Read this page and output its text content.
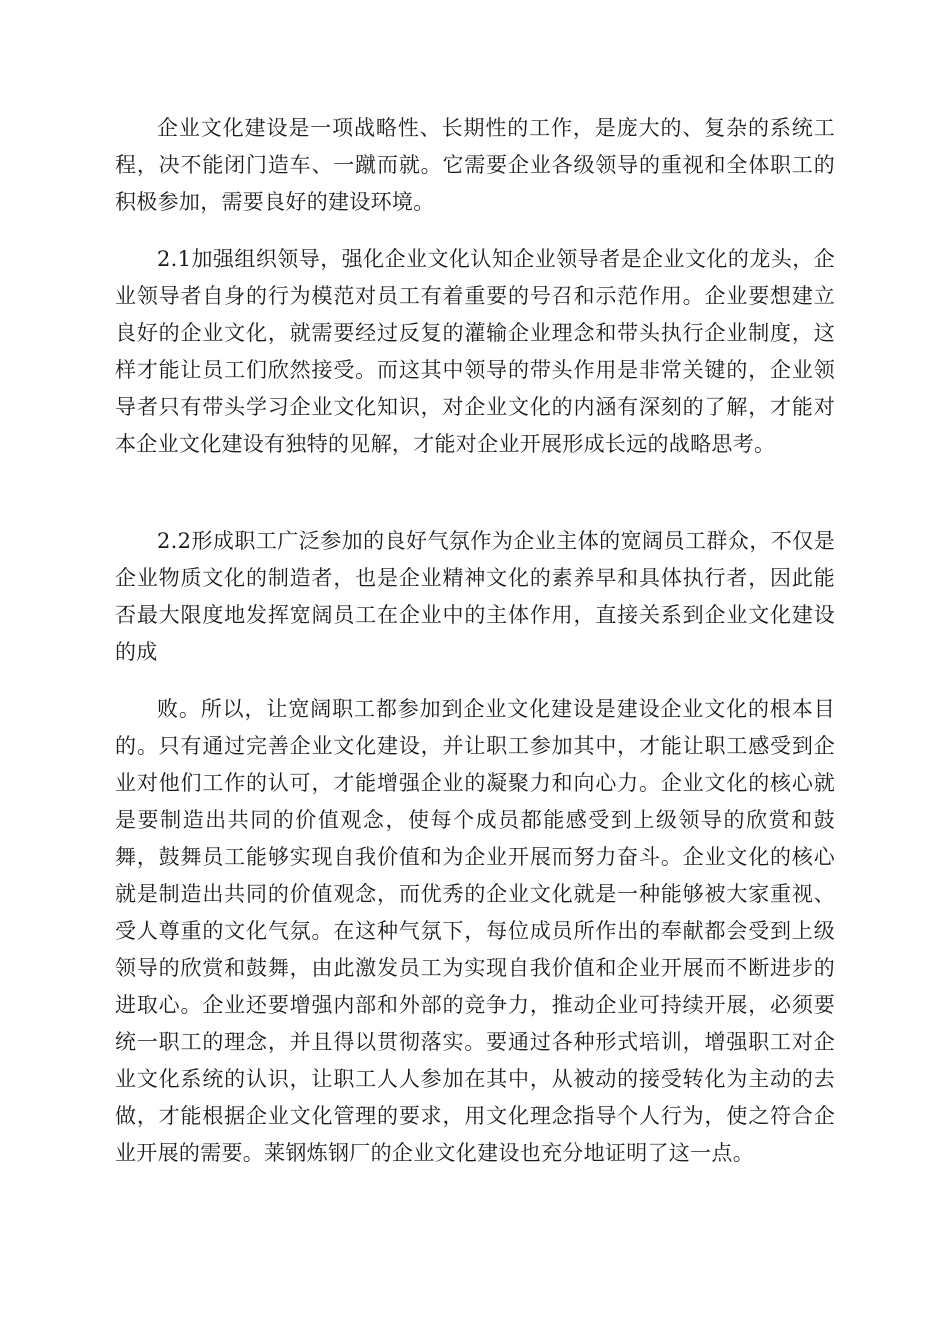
企业文化建设是一项战略性、长期性的工作，是庞大的、复杂的系统工程，决不能闭门造车、一蹴而就。它需要企业各级领导的重视和全体职工的积极参加，需要良好的建设环境。

2.1加强组织领导，强化企业文化认知企业领导者是企业文化的龙头，企业领导者自身的行为模范对员工有着重要的号召和示范作用。企业要想建立良好的企业文化，就需要经过反复的灌输企业理念和带头执行企业制度，这样才能让员工们欣然接受。而这其中领导的带头作用是非常关键的，企业领导者只有带头学习企业文化知识，对企业文化的内涵有深刻的了解，才能对本企业文化建设有独特的见解，才能对企业开展形成长远的战略思考。

2.2形成职工广泛参加的良好气氛作为企业主体的宽阔员工群众，不仅是企业物质文化的制造者，也是企业精神文化的素养早和具体执行者，因此能否最大限度地发挥宽阔员工在企业中的主体作用，直接关系到企业文化建设的成

败。所以，让宽阔职工都参加到企业文化建设是建设企业文化的根本目的。只有通过完善企业文化建设，并让职工参加其中，才能让职工感受到企业对他们工作的认可，才能增强企业的凝聚力和向心力。企业文化的核心就是要制造出共同的价值观念，使每个成员都能感受到上级领导的欣赏和鼓舞，鼓舞员工能够实现自我价值和为企业开展而努力奋斗。企业文化的核心就是制造出共同的价值观念，而优秀的企业文化就是一种能够被大家重视、受人尊重的文化气氛。在这种气氛下，每位成员所作出的奉献都会受到上级领导的欣赏和鼓舞，由此激发员工为实现自我价值和企业开展而不断进步的进取心。企业还要增强内部和外部的竞争力，推动企业可持续开展，必须要统一职工的理念，并且得以贯彻落实。要通过各种形式培训，增强职工对企业文化系统的认识，让职工人人参加在其中，从被动的接受转化为主动的去做，才能根据企业文化管理的要求，用文化理念指导个人行为，使之符合企业开展的需要。莱钢炼钢厂的企业文化建设也充分地证明了这一点。
